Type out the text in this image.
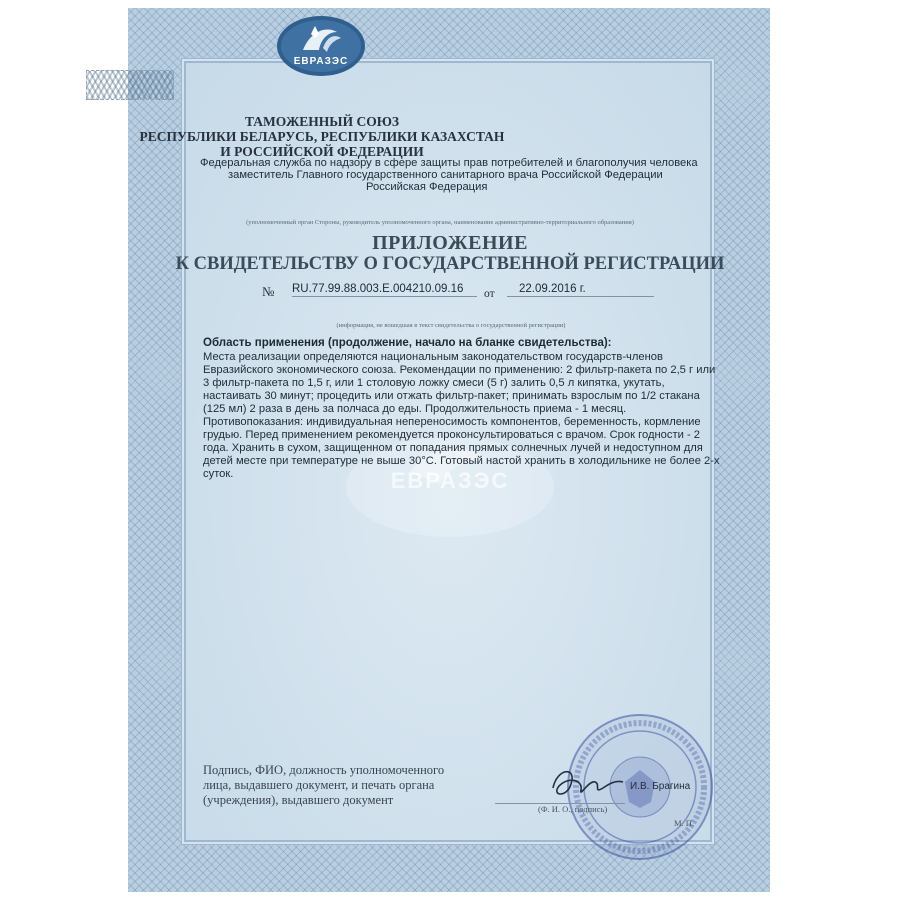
ЕВРАЗЭС
ТАМОЖЕННЫЙ СОЮЗ
РЕСПУБЛИКИ БЕЛАРУСЬ, РЕСПУБЛИКИ КАЗАХСТАН
И РОССИЙСКОЙ ФЕДЕРАЦИИ
Федеральная служба по надзору в сфере защиты прав потребителей и благополучия человека
заместитель Главного государственного санитарного врача Российской Федерации
Российская Федерация
(уполномоченный орган Стороны, руководитель уполномоченного органа, наименование административно-территориального образования)
ПРИЛОЖЕНИЕ
К СВИДЕТЕЛЬСТВУ О ГОСУДАРСТВЕННОЙ РЕГИСТРАЦИИ
№ RU.77.99.88.003.E.004210.09.16	от	22.09.2016 г.
(информация, не вошедшая в текст свидетельства о государственной регистрации)
ЕВРАЗЭС
Область применения (продолжение, начало на бланке свидетельства):
Места реализации определяются национальным законодательством государств-членов
Евразийского экономического союза. Рекомендации по применению: 2 фильтр-пакета по 2,5 г или
3 фильтр-пакета по 1,5 г, или 1 столовую ложку смеси (5 г) залить 0,5 л кипятка, укутать,
настаивать 30 минут; процедить или отжать фильтр-пакет; принимать взрослым по 1/2 стакана
(125 мл) 2 раза в день за полчаса до еды. Продолжительность приема - 1 месяц.
Противопоказания: индивидуальная непереносимость компонентов, беременность, кормление
грудью. Перед применением рекомендуется проконсультироваться с врачом. Срок годности - 2
года. Хранить в сухом, защищенном от попадания прямых солнечных лучей и недоступном для
детей месте при температуре не выше 30°С. Готовый настой хранить в холодильнике не более 2-х
суток.
И.В. Брагина
Подпись, ФИО, должность уполномоченного
лица, выдавшего документ, и печать органа
(учреждения), выдавшего документ
(Ф. И. О., подпись)
М. П.
